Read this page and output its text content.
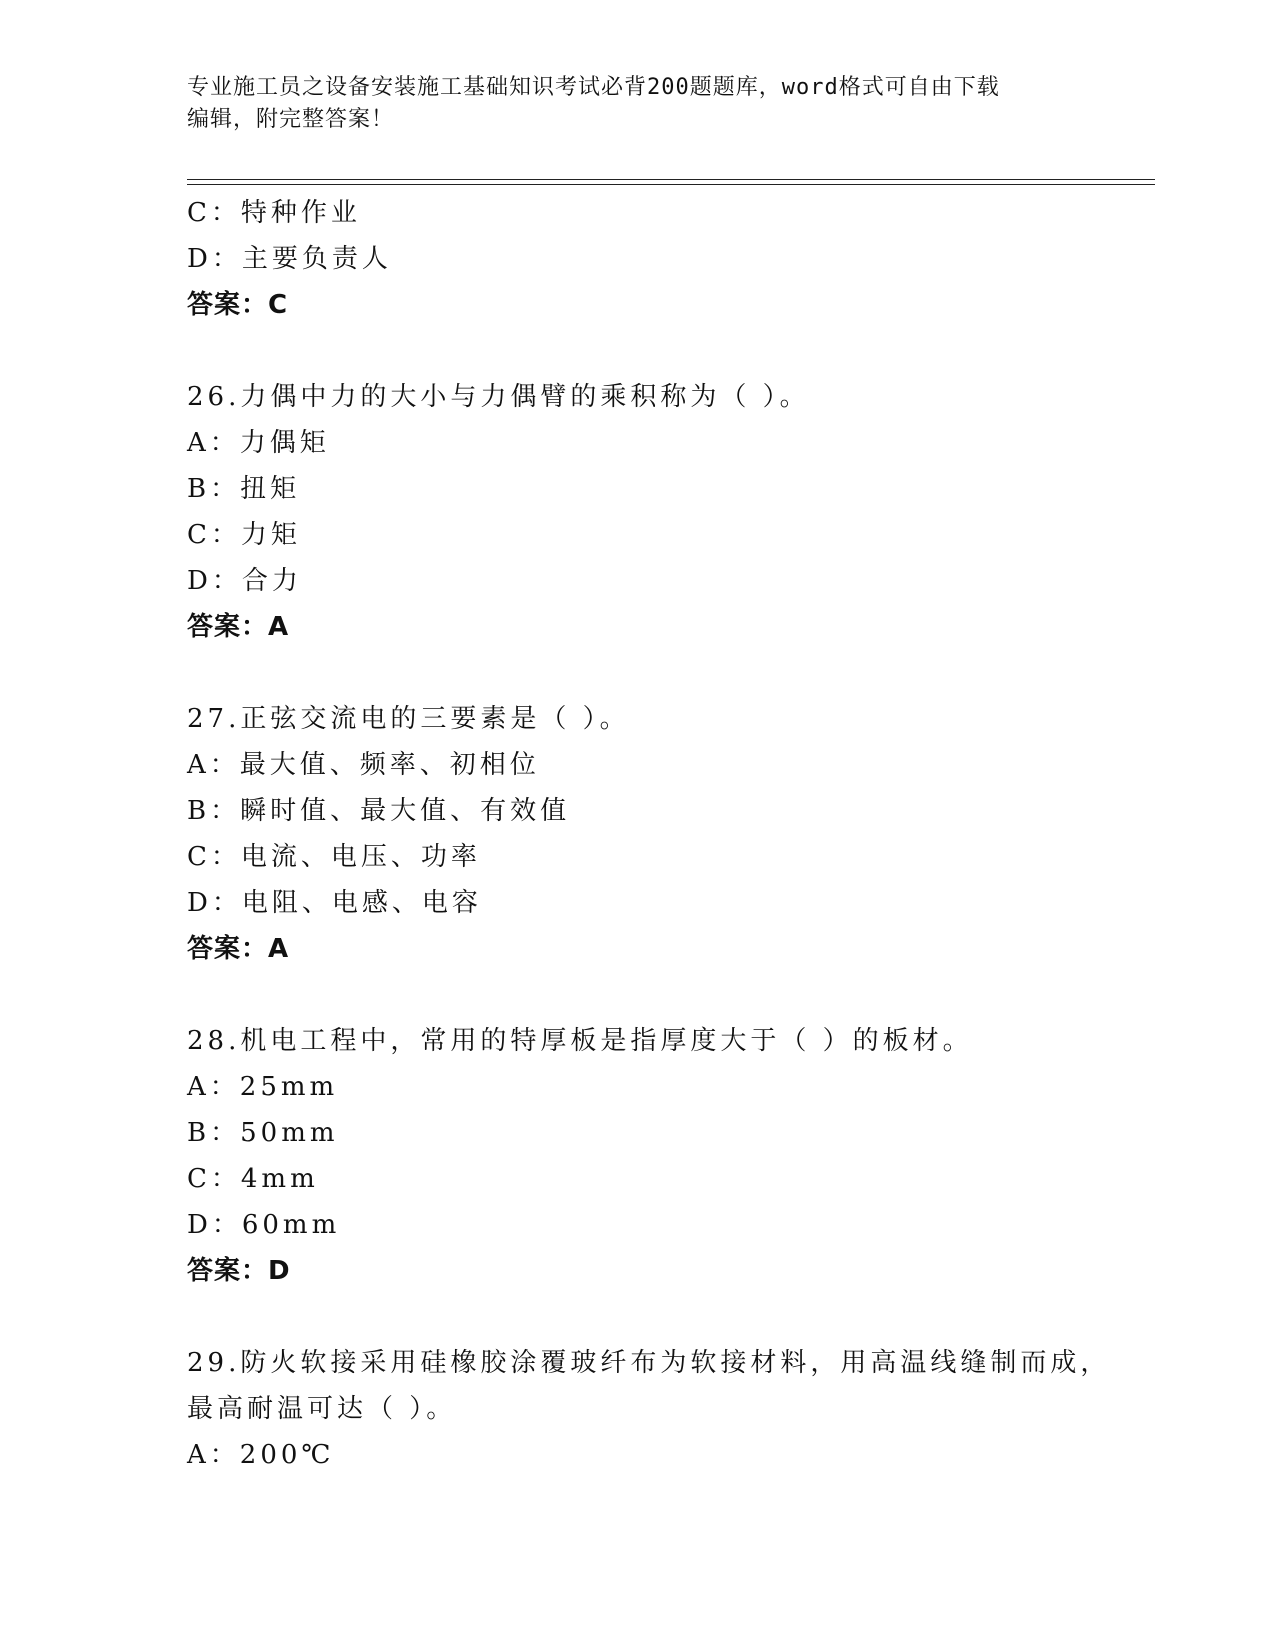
专业施工员之设备安装施工基础知识考试必背200题题库，word格式可自由下载
编辑，附完整答案！
C：特种作业
D：主要负责人
答案：C
26.力偶中力的大小与力偶臂的乘积称为（ ）。
A：力偶矩
B：扭矩
C：力矩
D：合力
答案：A
27.正弦交流电的三要素是（ ）。
A：最大值、频率、初相位
B：瞬时值、最大值、有效值
C：电流、电压、功率
D：电阻、电感、电容
答案：A
28.机电工程中，常用的特厚板是指厚度大于（ ）的板材。
A：25mm
B：50mm
C：4mm
D：60mm
答案：D
29.防火软接采用硅橡胶涂覆玻纤布为软接材料，用高温线缝制而成，
最高耐温可达（ ）。
A：200℃
